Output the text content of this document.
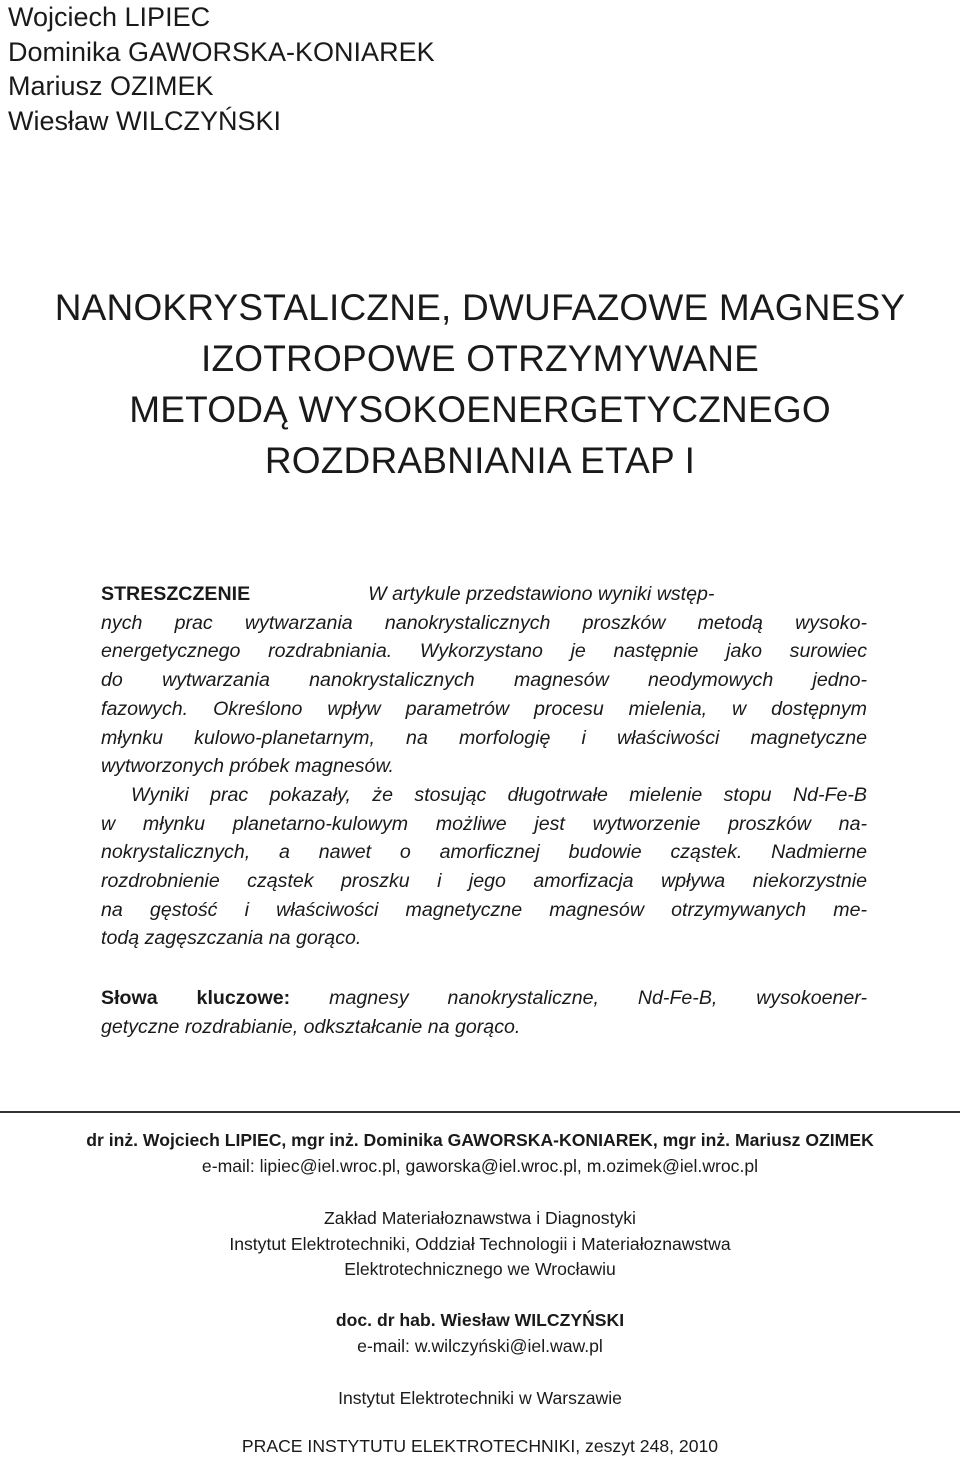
Wojciech LIPIEC
Dominika GAWORSKA-KONIAREK
Mariusz OZIMEK
Wiesław WILCZYŃSKI
NANOKRYSTALICZNE, DWUFAZOWE MAGNESY
IZOTROPOWE OTRZYMYWANE
METODĄ WYSOKOENERGETYCZNEGO
ROZDRABNIANIA ETAP I
STRESZCZENIE	W artykule przedstawiono wyniki wstęp-
nych prac wytwarzania nanokrystalicznych proszków metodą wysoko-
energetycznego rozdrabniania. Wykorzystano je następnie jako surowiec
do wytwarzania nanokrystalicznych magnesów neodymowych jedno-
fazowych. Określono wpływ parametrów procesu mielenia, w dostępnym
młynku kulowo-planetarnym, na morfologię i właściwości magnetyczne
wytworzonych próbek magnesów.
Wyniki prac pokazały, że stosując długotrwałe mielenie stopu Nd-Fe-B
w młynku planetarno-kulowym możliwe jest wytworzenie proszków na-
nokrystalicznych, a nawet o amorficznej budowie cząstek. Nadmierne
rozdrobnienie cząstek proszku i jego amorfizacja wpływa niekorzystnie
na gęstość i właściwości magnetyczne magnesów otrzymywanych me-
todą zagęszczania na gorąco.
Słowa kluczowe: magnesy nanokrystaliczne, Nd-Fe-B, wysokoener-
getyczne rozdrabianie, odkształcanie na gorąco.
dr inż. Wojciech LIPIEC, mgr inż. Dominika GAWORSKA-KONIAREK, mgr inż. Mariusz OZIMEK
e-mail: lipiec@iel.wroc.pl, gaworska@iel.wroc.pl, m.ozimek@iel.wroc.pl
Zakład Materiałoznawstwa i Diagnostyki
Instytut Elektrotechniki, Oddział Technologii i Materiałoznawstwa
Elektrotechnicznego we Wrocławiu
doc. dr hab. Wiesław WILCZYŃSKI
e-mail: w.wilczyński@iel.waw.pl
Instytut Elektrotechniki w Warszawie
PRACE INSTYTUTU ELEKTROTECHNIKI, zeszyt 248, 2010
